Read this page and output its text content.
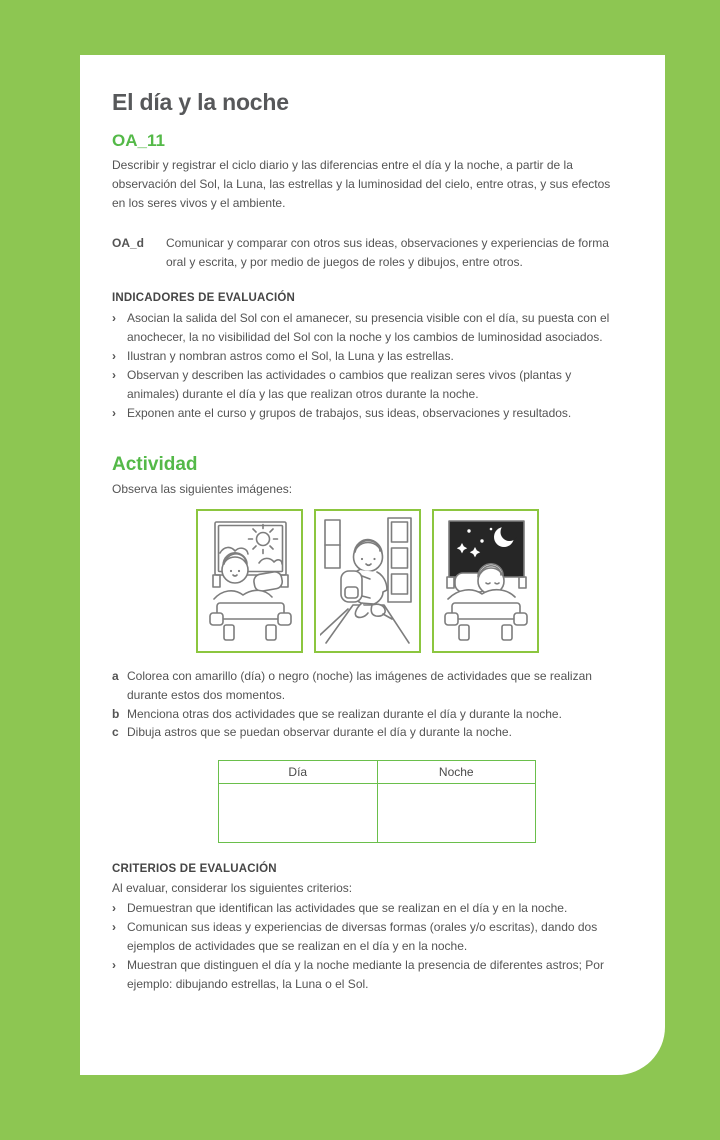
El día y la noche
OA_11

Describir y registrar el ciclo diario y las diferencias entre el día y la noche, a partir de la observación del Sol, la Luna, las estrellas y la luminosidad del cielo, entre otras, y sus efectos en los seres vivos y el ambiente.

OA_d	Comunicar y comparar con otros sus ideas, observaciones y experiencias de forma oral y escrita, y por medio de juegos de roles y dibujos, entre otros.
INDICADORES DE EVALUACIÓN
› Asocian la salida del Sol con el amanecer, su presencia visible con el día, su puesta con el anochecer, la no visibilidad del Sol con la noche y los cambios de luminosidad asociados.
› Ilustran y nombran astros como el Sol, la Luna y las estrellas.
› Observan y describen las actividades o cambios que realizan seres vivos (plantas y animales) durante el día y las que realizan otros durante la noche.
› Exponen ante el curso y grupos de trabajos, sus ideas, observaciones y resultados.
Actividad

Observa las siguientes imágenes:

a Colorea con amarillo (día) o negro (noche) las imágenes de actividades que se realizan durante estos dos momentos.
b Menciona otras dos actividades que se realizan durante el día y durante la noche.
c Dibuja astros que se puedan observar durante el día y durante la noche.
Día	Noche

CRITERIOS DE EVALUACIÓN

Al evaluar, considerar los siguientes criterios:

› Demuestran que identifican las actividades que se realizan en el día y en la noche.
› Comunican sus ideas y experiencias de diversas formas (orales y/o escritas), dando dos ejemplos de actividades que se realizan en el día y en la noche.
› Muestran que distinguen el día y la noche mediante la presencia de diferentes astros; Por ejemplo: dibujando estrellas, la Luna o el Sol.
